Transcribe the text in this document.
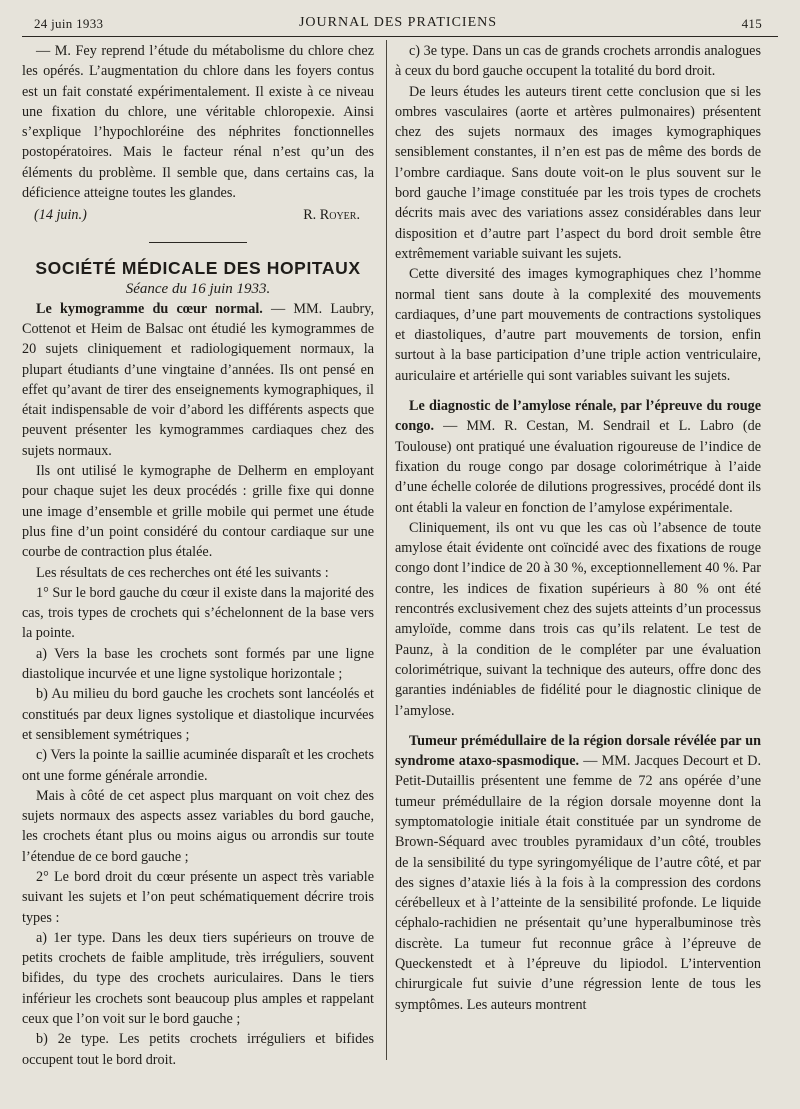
24 juin 1933	JOURNAL DES PRATICIENS	415

— M. Fey reprend l’étude du métabolisme du chlore chez les opérés. L’augmentation du chlore dans les foyers contus est un fait constaté expérimentalement. Il existe à ce niveau une fixation du chlore, une véritable chloropexie. Ainsi s’explique l’hypochloréine des néphrites fonctionnelles postopératoires. Mais le facteur rénal n’est qu’un des éléments du problème. Il semble que, dans certains cas, la déficience atteigne toutes les glandes.

(14 juin.)	R. Royer.

SOCIÉTÉ MÉDICALE DES HOPITAUX

Séance du 16 juin 1933.

Le kymogramme du cœur normal. — MM. Laubry, Cottenot et Heim de Balsac ont étudié les kymogrammes de 20 sujets cliniquement et radiologiquement normaux, la plupart étudiants d’une vingtaine d’années. Ils ont pensé en effet qu’avant de tirer des enseignements kymographiques, il était indispensable de voir d’abord les différents aspects que peuvent présenter les kymogrammes cardiaques chez des sujets normaux.

Ils ont utilisé le kymographe de Delherm en employant pour chaque sujet les deux procédés : grille fixe qui donne une image d’ensemble et grille mobile qui permet une étude plus fine d’un point considéré du contour cardiaque sur une courbe de contraction plus étalée.

Les résultats de ces recherches ont été les suivants :

1° Sur le bord gauche du cœur il existe dans la majorité des cas, trois types de crochets qui s’échelonnent de la base vers la pointe.

a) Vers la base les crochets sont formés par une ligne diastolique incurvée et une ligne systolique horizontale ;

b) Au milieu du bord gauche les crochets sont lancéolés et constitués par deux lignes systolique et diastolique incurvées et sensiblement symétriques ;

c) Vers la pointe la saillie acuminée disparaît et les crochets ont une forme générale arrondie.

Mais à côté de cet aspect plus marquant on voit chez des sujets normaux des aspects assez variables du bord gauche, les crochets étant plus ou moins aigus ou arrondis sur toute l’étendue de ce bord gauche ;

2° Le bord droit du cœur présente un aspect très variable suivant les sujets et l’on peut schématiquement décrire trois types :

a) 1er type. Dans les deux tiers supérieurs on trouve de petits crochets de faible amplitude, très irréguliers, souvent bifides, du type des crochets auriculaires. Dans le tiers inférieur les crochets sont beaucoup plus amples et rappelant ceux que l’on voit sur le bord gauche ;

b) 2e type. Les petits crochets irréguliers et bifides occupent tout le bord droit.

c) 3e type. Dans un cas de grands crochets arrondis analogues à ceux du bord gauche occupent la totalité du bord droit.

De leurs études les auteurs tirent cette conclusion que si les ombres vasculaires (aorte et artères pulmonaires) présentent chez des sujets normaux des images kymographiques sensiblement constantes, il n’en est pas de même des bords de l’ombre cardiaque. Sans doute voit-on le plus souvent sur le bord gauche l’image constituée par les trois types de crochets décrits mais avec des variations assez considérables dans leur disposition et d’autre part l’aspect du bord droit semble être extrêmement variable suivant les sujets.

Cette diversité des images kymographiques chez l’homme normal tient sans doute à la complexité des mouvements cardiaques, d’une part mouvements de contractions systoliques et diastoliques, d’autre part mouvements de torsion, enfin surtout à la base participation d’une triple action ventriculaire, auriculaire et artérielle qui sont variables suivant les sujets.

Le diagnostic de l’amylose rénale, par l’épreuve du rouge congo. — MM. R. Cestan, M. Sendrail et L. Labro (de Toulouse) ont pratiqué une évaluation rigoureuse de l’indice de fixation du rouge congo par dosage colorimétrique à l’aide d’une échelle colorée de dilutions progressives, procédé dont ils ont établi la valeur en fonction de l’amylose expérimentale.

Cliniquement, ils ont vu que les cas où l’absence de toute amylose était évidente ont coïncidé avec des fixations de rouge congo dont l’indice de 20 à 30 %, exceptionnellement 40 %. Par contre, les indices de fixation supérieurs à 80 % ont été rencontrés exclusivement chez des sujets atteints d’un processus amyloïde, comme dans trois cas qu’ils relatent. Le test de Paunz, à la condition de le compléter par une évaluation colorimétrique, suivant la technique des auteurs, offre donc des garanties indéniables de fidélité pour le diagnostic clinique de l’amylose.

Tumeur prémédullaire de la région dorsale révélée par un syndrome ataxo-spasmodique. — MM. Jacques Decourt et D. Petit-Dutaillis présentent une femme de 72 ans opérée d’une tumeur prémédullaire de la région dorsale moyenne dont la symptomatologie initiale était constituée par un syndrome de Brown-Séquard avec troubles pyramidaux d’un côté, troubles de la sensibilité du type syringomyélique de l’autre côté, et par des signes d’ataxie liés à la fois à la compression des cordons cérébelleux et à l’atteinte de la sensibilité profonde. Le liquide céphalo-rachidien ne présentait qu’une hyperalbuminose très discrète. La tumeur fut reconnue grâce à l’épreuve de Queckenstedt et à l’épreuve du lipiodol. L’intervention chirurgicale fut suivie d’une régression lente de tous les symptômes. Les auteurs montrent
